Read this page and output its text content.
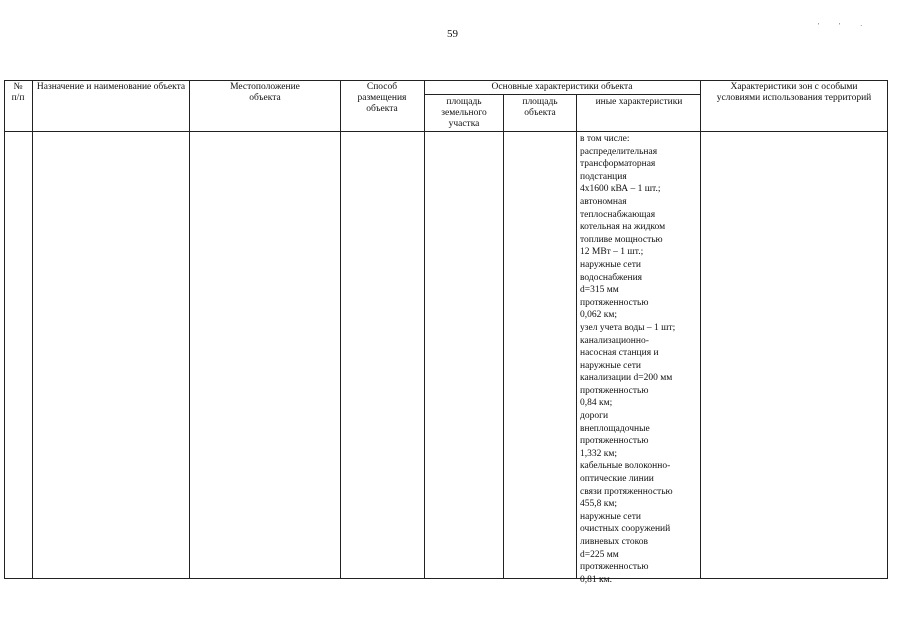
59
' ' ·
№
п/п
Назначение и наименование объекта	Местоположение объекта
Способ размещения объекта
Основные характеристики объекта
площадь земельного участка
площадь объекта
иные характеристики
Характеристики зон с особыми условиями использования территорий
в том числе:
распределительная
трансформаторная
подстанция
4х1600 кВА – 1 шт.;
автономная
теплоснабжающая
котельная на жидком
топливе мощностью
12 МВт – 1 шт.;
наружные сети
водоснабжения
d=315 мм
протяженностью
0,062 км;
узел учета воды – 1 шт;
канализационно-
насосная станция и
наружные сети
канализации d=200 мм
протяженностью
0,84 км;
дороги
внеплощадочные
протяженностью
1,332 км;
кабельные волоконно-
оптические линии
связи протяженностью
455,8 км;
наружные сети
очистных сооружений
ливневых стоков
d=225 мм
протяженностью
0,81 км.
